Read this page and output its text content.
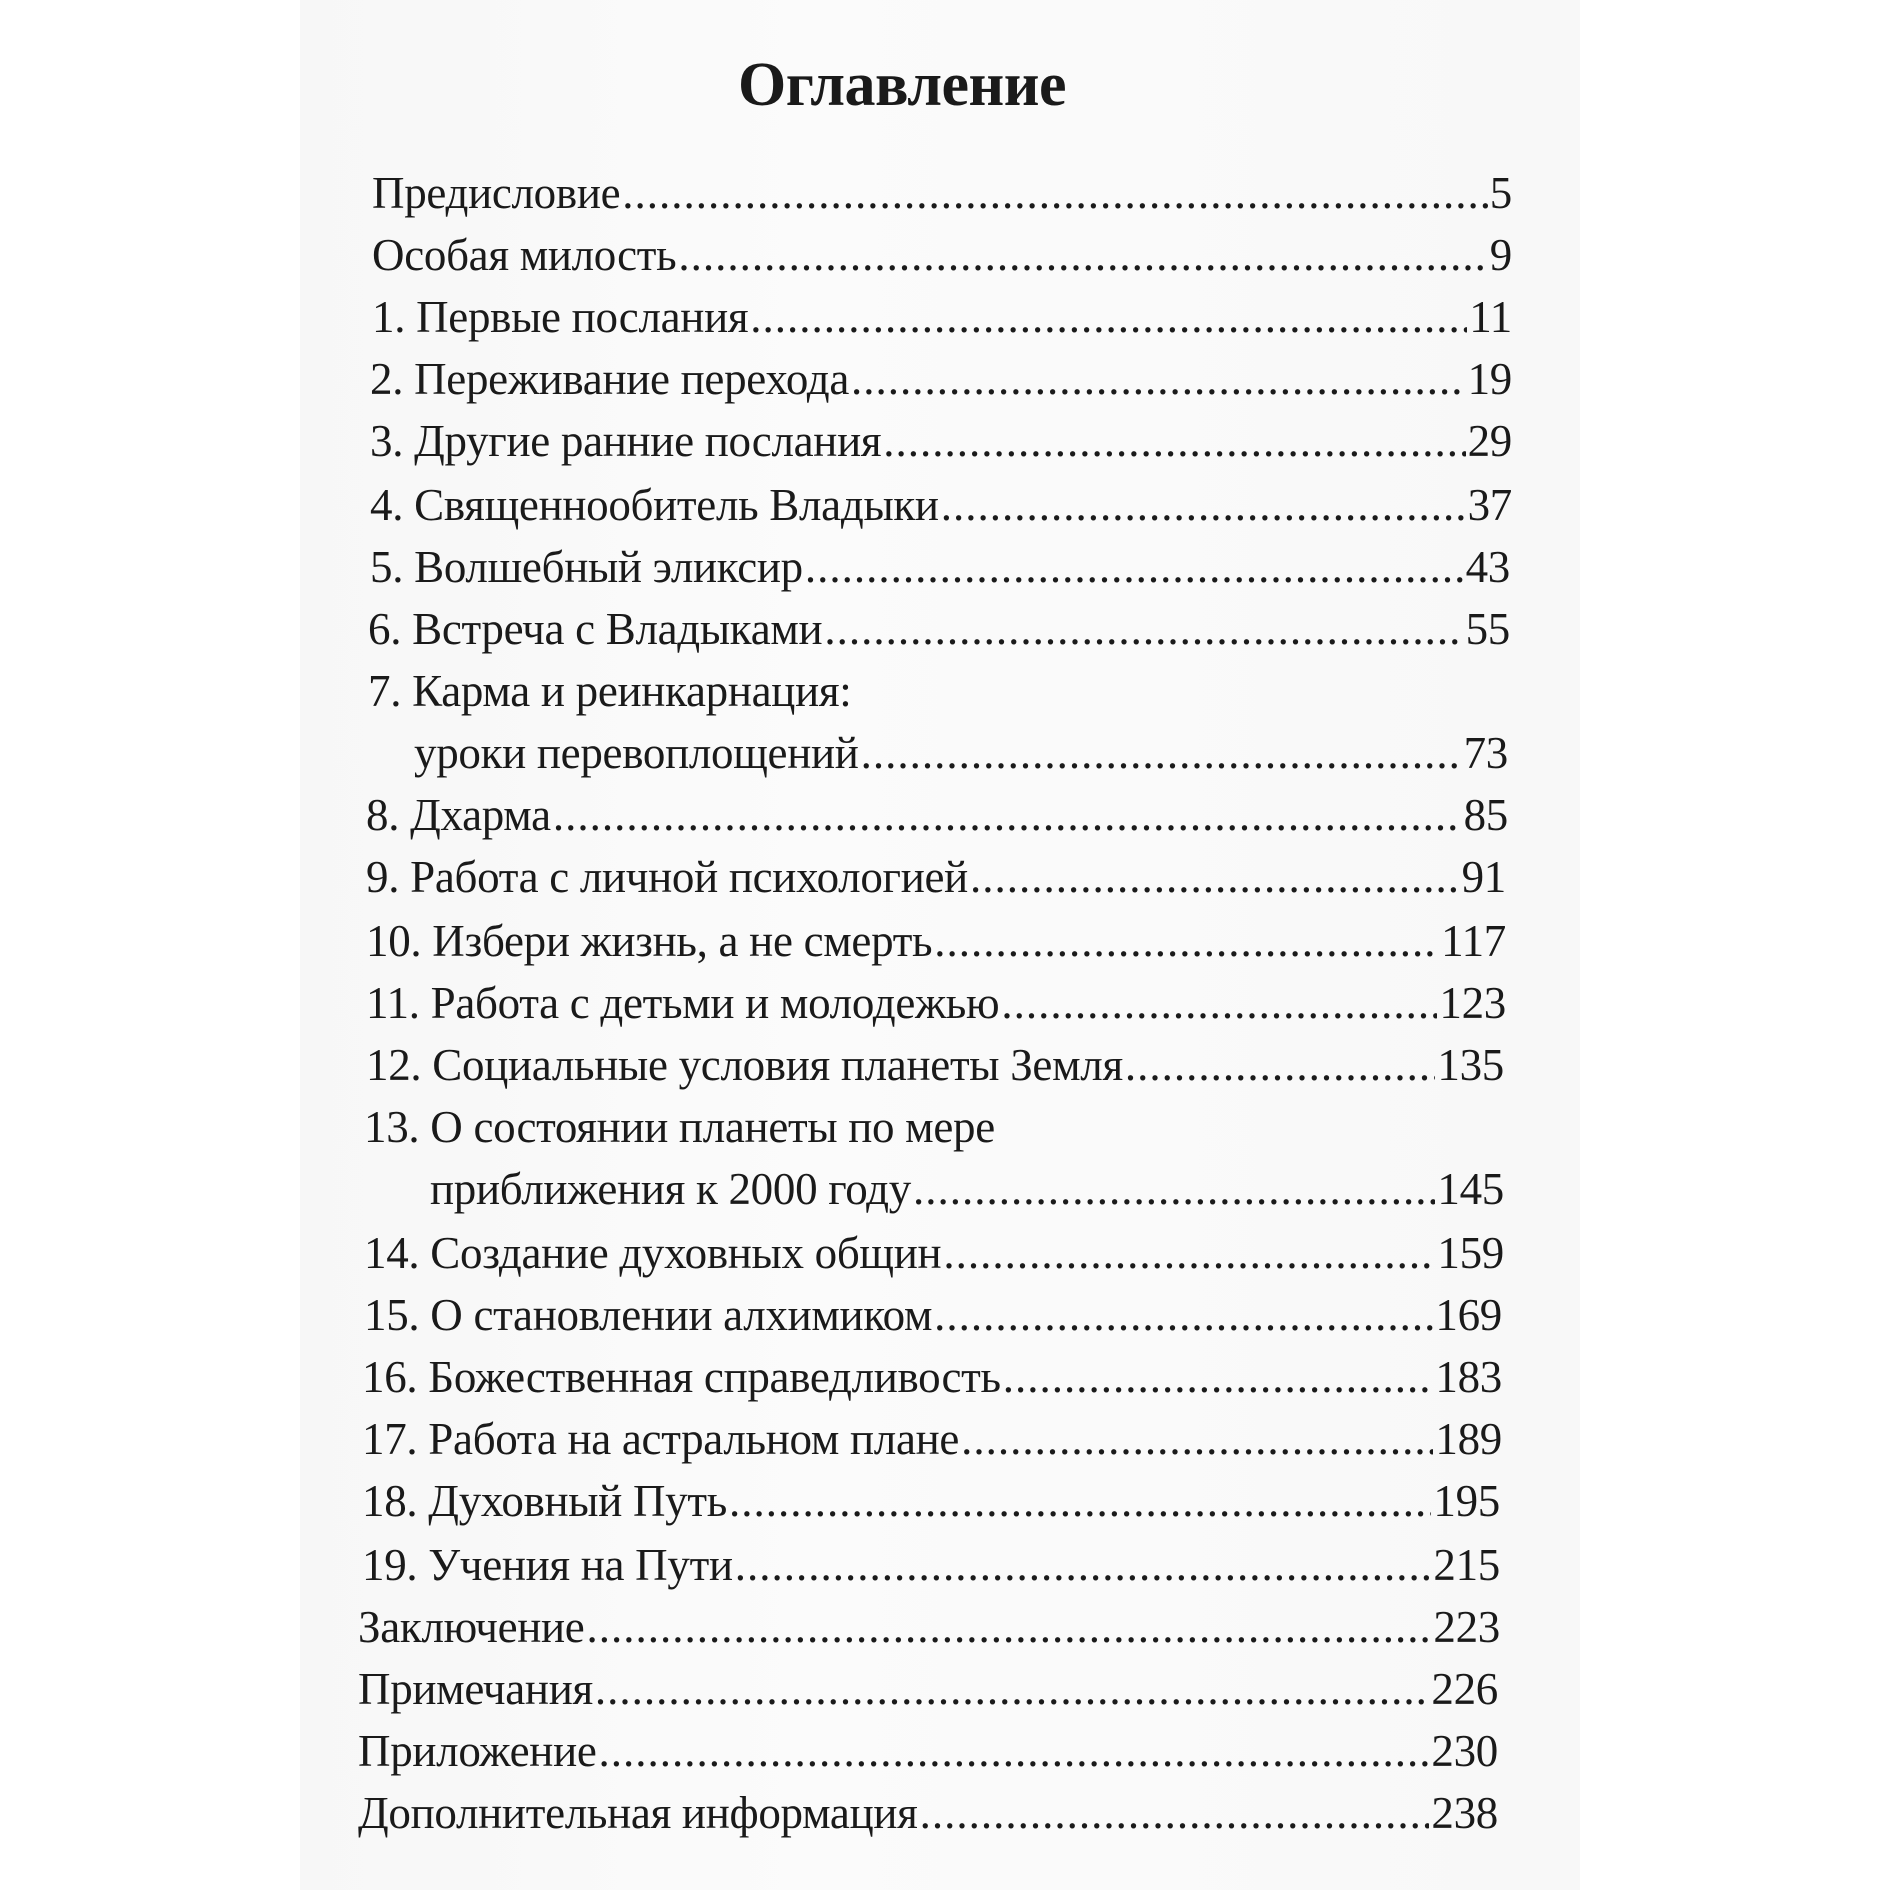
Оглавление
Предисловие .....	5
Особая милость .....	9
1. Первые послания .....	11
2. Переживание перехода .....	19
3. Другие ранние послания .....	29
4. Священнообитель Владыки .....	37
5. Волшебный эликсир .....	43
6. Встреча с Владыками .....	55
7. Карма и реинкарнация:
уроки перевоплощений .....	73
8. Дхарма .....	85
9. Работа с личной психологией .....	91
10. Избери жизнь, а не смерть .....	117
11. Работа с детьми и молодежью .....	123
12. Социальные условия планеты Земля .....	135
13. О состоянии планеты по мере
приближения к 2000 году .....	145
14. Создание духовных общин .....	159
15. О становлении алхимиком .....	169
16. Божественная справедливость .....	183
17. Работа на астральном плане .....	189
18. Духовный Путь .....	195
19. Учения на Пути .....	215
Заключение .....	223
Примечания .....	226
Приложение .....	230
Дополнительная информация .....	238
